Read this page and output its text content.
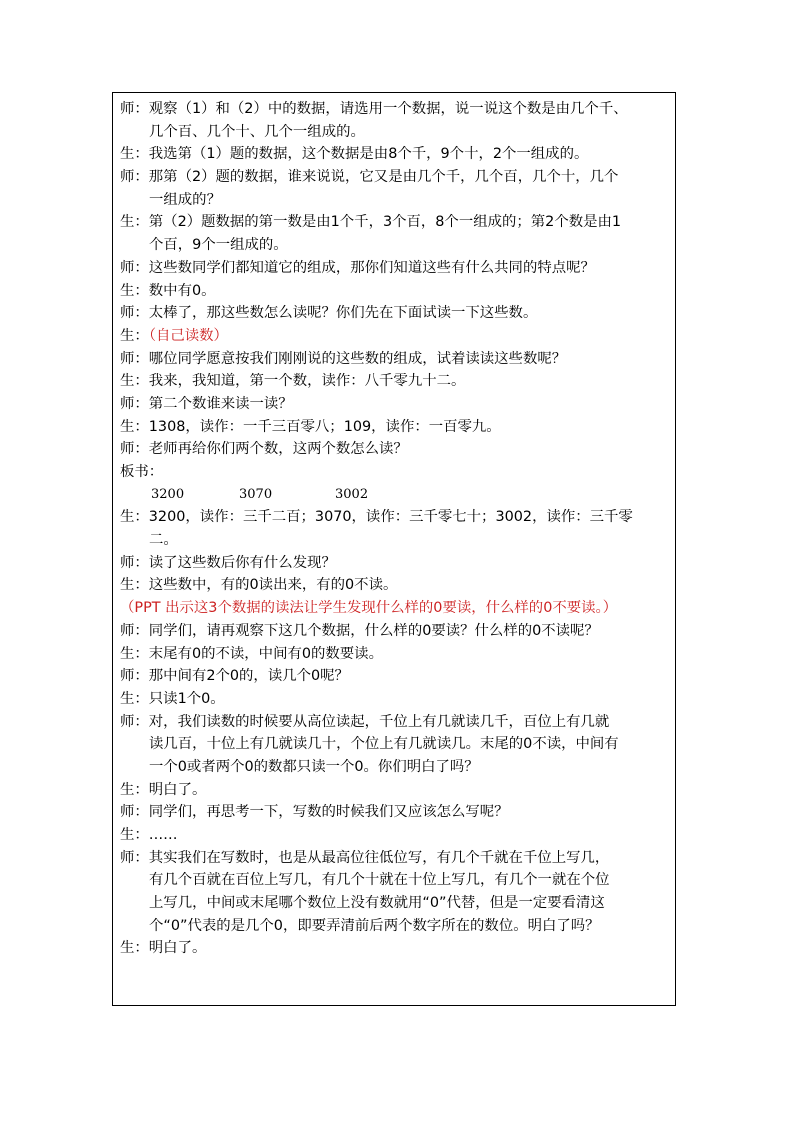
师：观察（1）和（2）中的数据，请选用一个数据，说一说这个数是由几个千、
几个百、几个十、几个一组成的。
生：我选第（1）题的数据，这个数据是由8个千，9个十，2个一组成的。
师：那第（2）题的数据，谁来说说，它又是由几个千，几个百，几个十，几个
一组成的？
生：第（2）题数据的第一数是由1个千，3个百，8个一组成的；第2个数是由1
个百，9个一组成的。
师：这些数同学们都知道它的组成，那你们知道这些有什么共同的特点呢？
生：数中有0。
师：太棒了，那这些数怎么读呢？你们先在下面试读一下这些数。
生：（自己读数）
师：哪位同学愿意按我们刚刚说的这些数的组成，试着读读这些数呢？
生：我来，我知道，第一个数，读作：八千零九十二。
师：第二个数谁来读一读？
生：1308，读作：一千三百零八；109，读作：一百零九。
师：老师再给你们两个数，这两个数怎么读？
板书：
3200	3070	3002
生：3200，读作：三千二百；3070，读作：三千零七十；3002，读作：三千零
二。
师：读了这些数后你有什么发现？
生：这些数中，有的0读出来，有的0不读。
（PPT 出示这3个数据的读法让学生发现什么样的0要读，什么样的0不要读。）
师：同学们，请再观察下这几个数据，什么样的0要读？什么样的0不读呢？
生：末尾有0的不读，中间有0的数要读。
师：那中间有2个0的，读几个0呢？
生：只读1个0。
师：对，我们读数的时候要从高位读起，千位上有几就读几千，百位上有几就
读几百，十位上有几就读几十，个位上有几就读几。末尾的0不读，中间有
一个0或者两个0的数都只读一个0。你们明白了吗？
生：明白了。
师：同学们，再思考一下，写数的时候我们又应该怎么写呢？
生：……
师：其实我们在写数时，也是从最高位往低位写，有几个千就在千位上写几，
有几个百就在百位上写几，有几个十就在十位上写几，有几个一就在个位
上写几，中间或末尾哪个数位上没有数就用“0”代替，但是一定要看清这
个“0”代表的是几个0，即要弄清前后两个数字所在的数位。明白了吗？
生：明白了。
